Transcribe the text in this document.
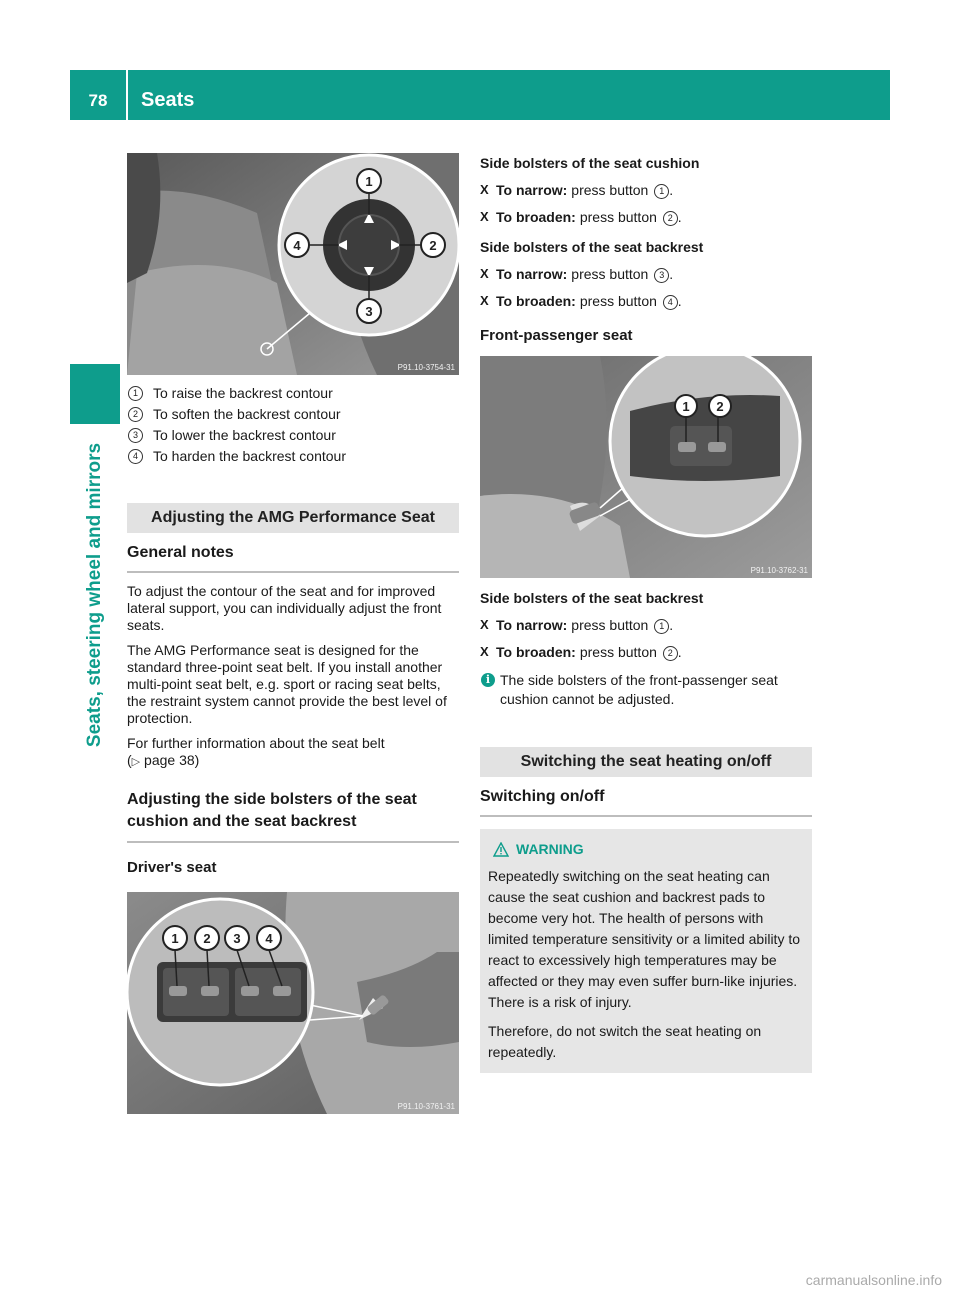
78	Seats
Seats, steering wheel and mirrors
1
2
3
4
P91.10-3754-31
1	To raise the backrest contour
2	To soften the backrest contour
3	To lower the backrest contour
4	To harden the backrest contour
Adjusting the AMG Performance Seat
General notes
To adjust the contour of the seat and for improved lateral support, you can individually adjust the front seats.
The AMG Performance seat is designed for the standard three-point seat belt. If you install another multi-point seat belt, e.g. sport or racing seat belts, the restraint system cannot provide the best level of protection.
For further information about the seat belt
(▷ page 38)
Adjusting the side bolsters of the seat cushion and the seat backrest
Driver's seat
1 2 3 4
P91.10-3761-31
Side bolsters of the seat cushion
X To narrow: press button 1 .
X To broaden: press button 2 .
Side bolsters of the seat backrest
X To narrow: press button 3 .
X To broaden: press button 4 .
Front-passenger seat
1 2
P91.10-3762-31
Side bolsters of the seat backrest
X To narrow: press button 1 .
X To broaden: press button 2 .
i The side bolsters of the front-passenger seat cushion cannot be adjusted.
Switching the seat heating on/off
Switching on/off
WARNING
Repeatedly switching on the seat heating can cause the seat cushion and backrest pads to become very hot. The health of persons with limited temperature sensitivity or a limited ability to react to excessively high temperatures may be affected or they may even suffer burn-like injuries. There is a risk of injury.
Therefore, do not switch the seat heating on repeatedly.
carmanualsonline.info
